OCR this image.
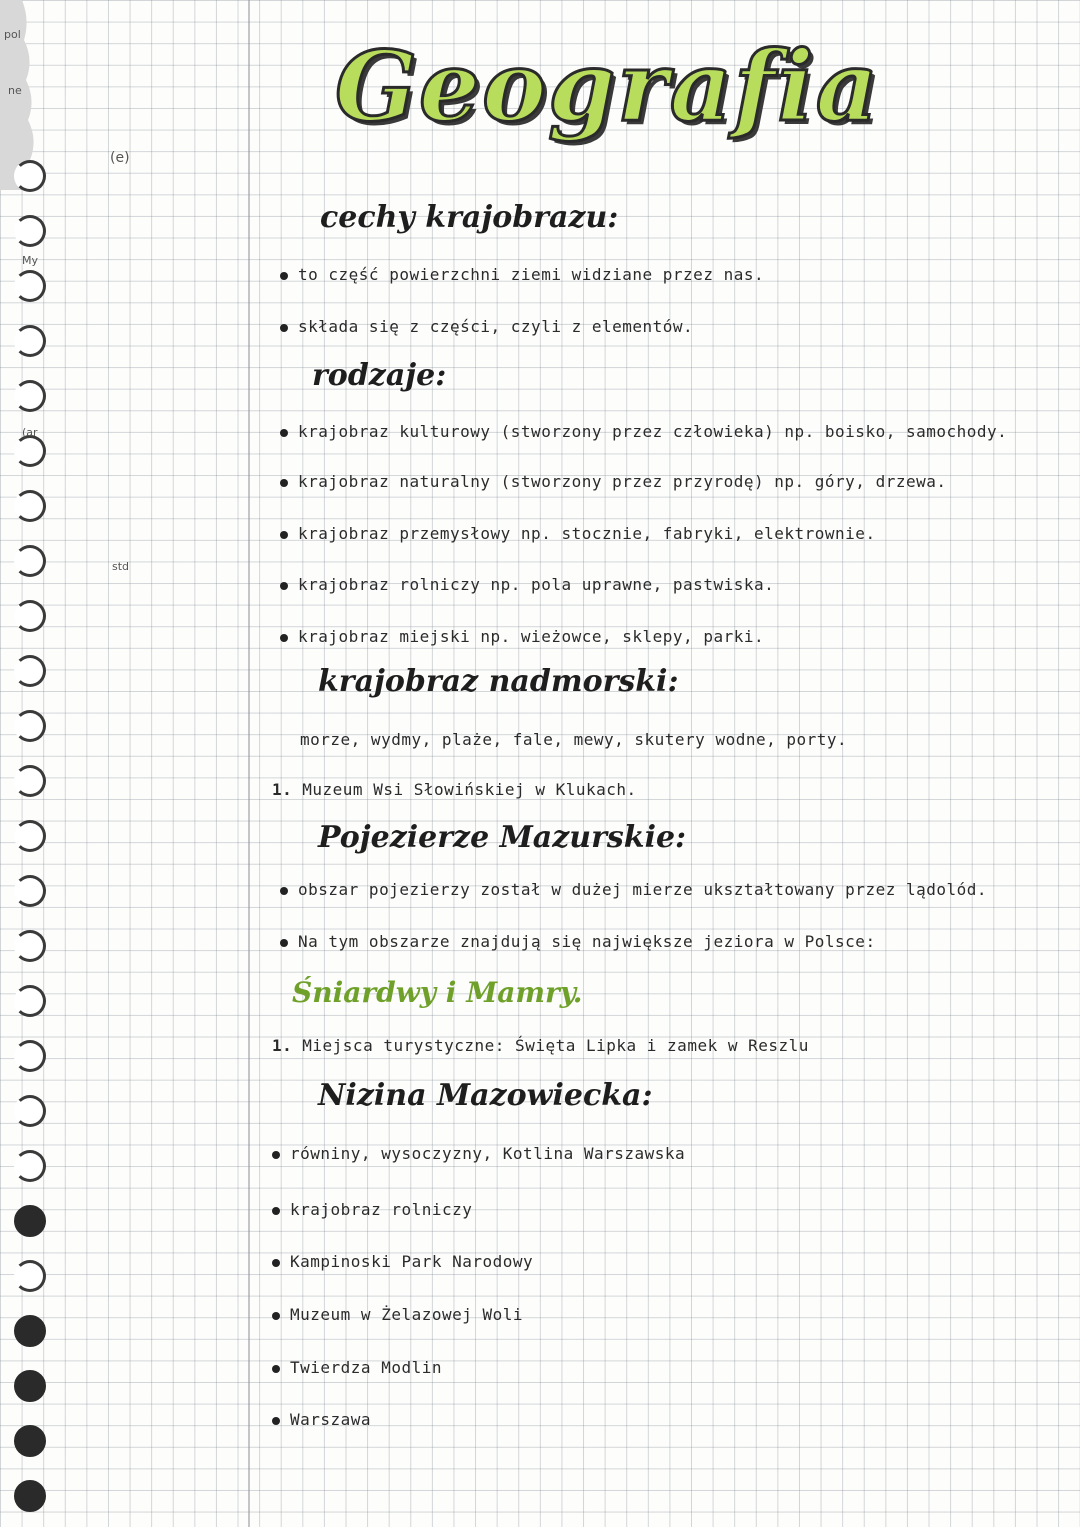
pol
ne
(e)
My
(ar
std
Geografia
cechy krajobrazu:
to część powierzchni ziemi widziane przez nas.
składa się z części, czyli z elementów.
rodzaje:
krajobraz kulturowy (stworzony przez człowieka) np. boisko, samochody.
krajobraz naturalny (stworzony przez przyrodę) np. góry, drzewa.
krajobraz przemysłowy np. stocznie, fabryki, elektrownie.
krajobraz rolniczy np. pola uprawne, pastwiska.
krajobraz miejski np. wieżowce, sklepy, parki.
krajobraz nadmorski:
morze, wydmy, plaże, fale, mewy, skutery wodne, porty.
1. Muzeum Wsi Słowińskiej w Klukach.
Pojezierze Mazurskie:
obszar pojezierzy został w dużej mierze ukształtowany przez lądolód.
Na tym obszarze znajdują się największe jeziora w Polsce:
Śniardwy i Mamry.
1. Miejsca turystyczne: Święta Lipka i zamek w Reszlu
Nizina Mazowiecka:
równiny, wysoczyzny, Kotlina Warszawska
krajobraz rolniczy
Kampinoski Park Narodowy
Muzeum w Żelazowej Woli
Twierdza Modlin
Warszawa
